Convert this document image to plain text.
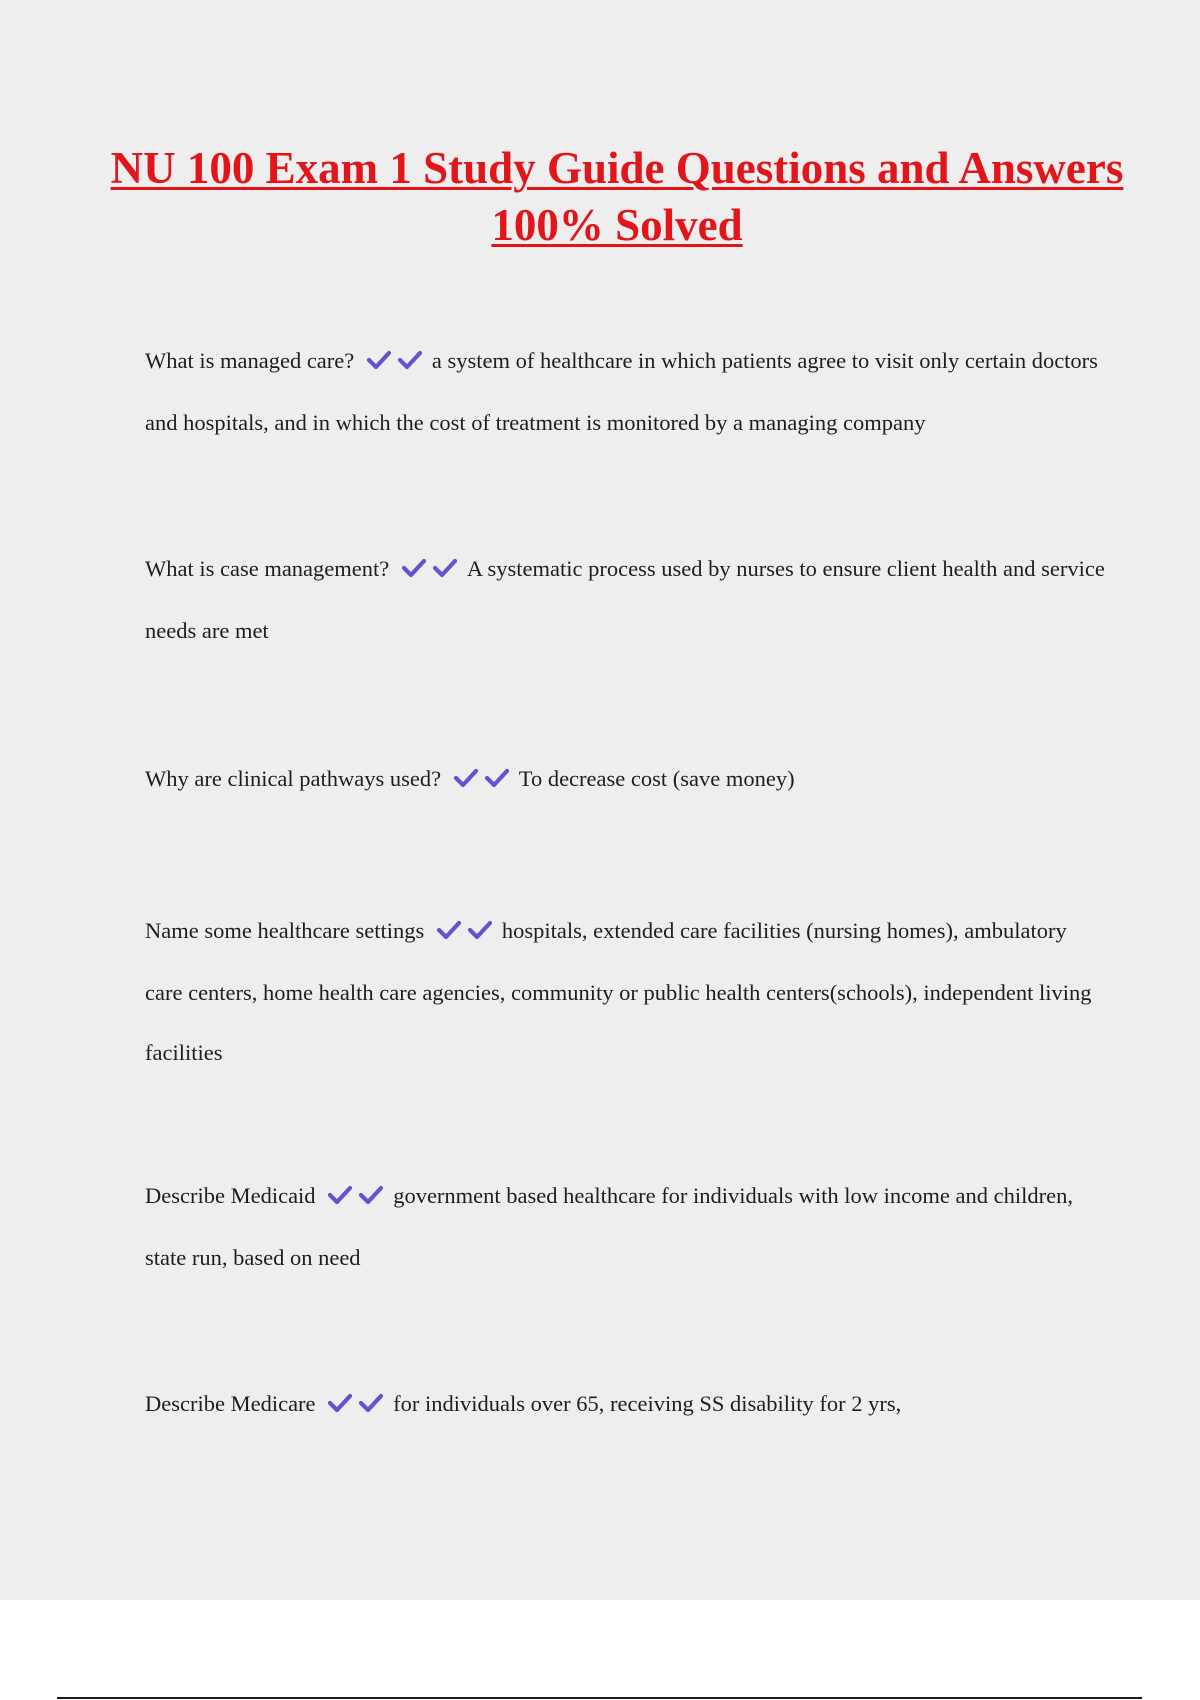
NU 100 Exam 1 Study Guide Questions and Answers 100% Solved

What is managed care?	a system of healthcare in which patients agree to visit only certain doctors and hospitals, and in which the cost of treatment is monitored by a managing company

What is case management?	A systematic process used by nurses to ensure client health and service needs are met

Why are clinical pathways used?	To decrease cost (save money)

Name some healthcare settings	hospitals, extended care facilities (nursing homes), ambulatory care centers, home health care agencies, community or public health centers(schools), independent living facilities

Describe Medicaid	government based healthcare for individuals with low income and children, state run, based on need

Describe Medicare	for individuals over 65, receiving SS disability for 2 yrs,
